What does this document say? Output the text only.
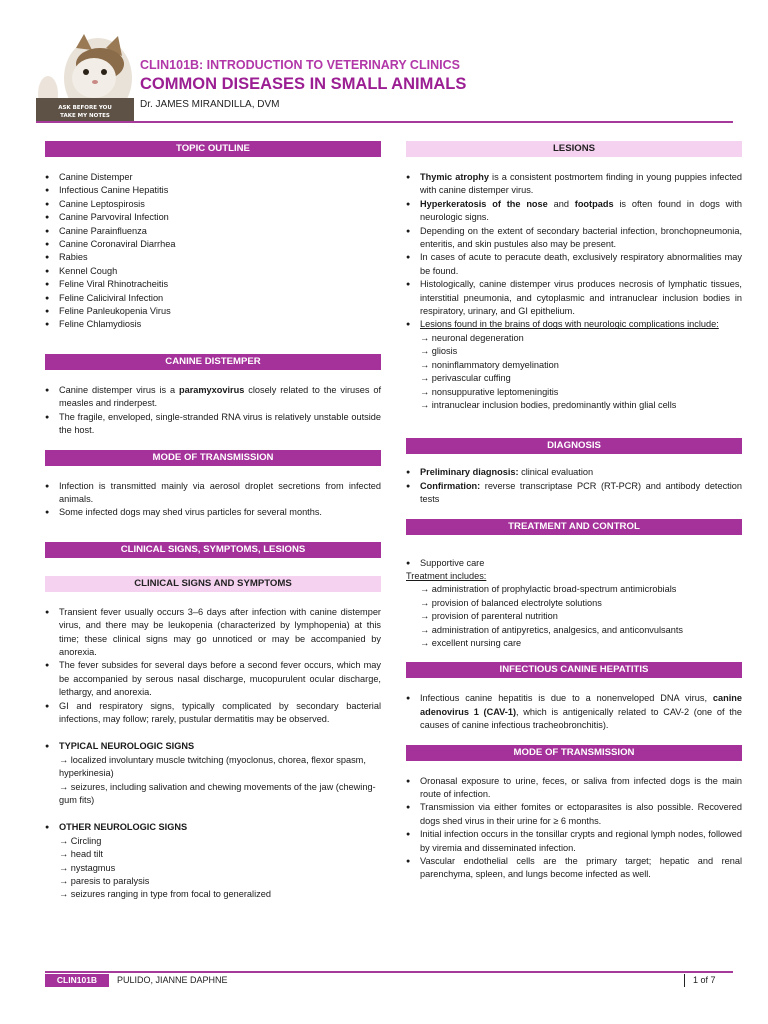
ASK BEFORE YOU
TAKE MY NOTES
CLIN101B: INTRODUCTION TO VETERINARY CLINICS
COMMON DISEASES IN SMALL ANIMALS
Dr. JAMES MIRANDILLA, DVM
TOPIC OUTLINE
● Canine Distemper
● Infectious Canine Hepatitis
● Canine Leptospirosis
● Canine Parvoviral Infection
● Canine Parainfluenza
● Canine Coronaviral Diarrhea
● Rabies
● Kennel Cough
● Feline Viral Rhinotracheitis
● Feline Caliciviral Infection
● Feline Panleukopenia Virus
● Feline Chlamydiosis
CANINE DISTEMPER
● Canine distemper virus is a paramyxovirus closely related to the viruses of measles and rinderpest.
● The fragile, enveloped, single-stranded RNA virus is relatively unstable outside the host.
MODE OF TRANSMISSION
● Infection is transmitted mainly via aerosol droplet secretions from infected animals.
● Some infected dogs may shed virus particles for several months.
CLINICAL SIGNS, SYMPTOMS, LESIONS
CLINICAL SIGNS AND SYMPTOMS
● Transient fever usually occurs 3–6 days after infection with canine distemper virus, and there may be leukopenia (characterized by lymphopenia) at this time; these clinical signs may go unnoticed or may be accompanied by anorexia.
● The fever subsides for several days before a second fever occurs, which may be accompanied by serous nasal discharge, mucopurulent ocular discharge, lethargy, and anorexia.
● GI and respiratory signs, typically complicated by secondary bacterial infections, may follow; rarely, pustular dermatitis may be observed.
● TYPICAL NEUROLOGIC SIGNS
→ localized involuntary muscle twitching (myoclonus, chorea, flexor spasm, hyperkinesia)
→ seizures, including salivation and chewing movements of the jaw (chewing-gum fits)
● OTHER NEUROLOGIC SIGNS
→ Circling
→ head tilt
→ nystagmus
→ paresis to paralysis
→ seizures ranging in type from focal to generalized
LESIONS
● Thymic atrophy is a consistent postmortem finding in young puppies infected with canine distemper virus.
● Hyperkeratosis of the nose and footpads is often found in dogs with neurologic signs.
● Depending on the extent of secondary bacterial infection, bronchopneumonia, enteritis, and skin pustules also may be present.
● In cases of acute to peracute death, exclusively respiratory abnormalities may be found.
● Histologically, canine distemper virus produces necrosis of lymphatic tissues, interstitial pneumonia, and cytoplasmic and intranuclear inclusion bodies in respiratory, urinary, and GI epithelium.
● Lesions found in the brains of dogs with neurologic complications include:
→ neuronal degeneration
→ gliosis
→ noninflammatory demyelination
→ perivascular cuffing
→ nonsuppurative leptomeningitis
→ intranuclear inclusion bodies, predominantly within glial cells
DIAGNOSIS
● Preliminary diagnosis: clinical evaluation
● Confirmation: reverse transcriptase PCR (RT-PCR) and antibody detection tests
TREATMENT AND CONTROL
● Supportive care
Treatment includes:
→ administration of prophylactic broad-spectrum antimicrobials
→ provision of balanced electrolyte solutions
→ provision of parenteral nutrition
→ administration of antipyretics, analgesics, and anticonvulsants
→ excellent nursing care
INFECTIOUS CANINE HEPATITIS
● Infectious canine hepatitis is due to a nonenveloped DNA virus, canine adenovirus 1 (CAV-1), which is antigenically related to CAV-2 (one of the causes of canine infectious tracheobronchitis).
MODE OF TRANSMISSION
● Oronasal exposure to urine, feces, or saliva from infected dogs is the main route of infection.
● Transmission via either fomites or ectoparasites is also possible. Recovered dogs shed virus in their urine for ≥ 6 months.
● Initial infection occurs in the tonsillar crypts and regional lymph nodes, followed by viremia and disseminated infection.
● Vascular endothelial cells are the primary target; hepatic and renal parenchyma, spleen, and lungs become infected as well.
CLIN101B	PULIDO, JIANNE DAPHNE	1 of 7
